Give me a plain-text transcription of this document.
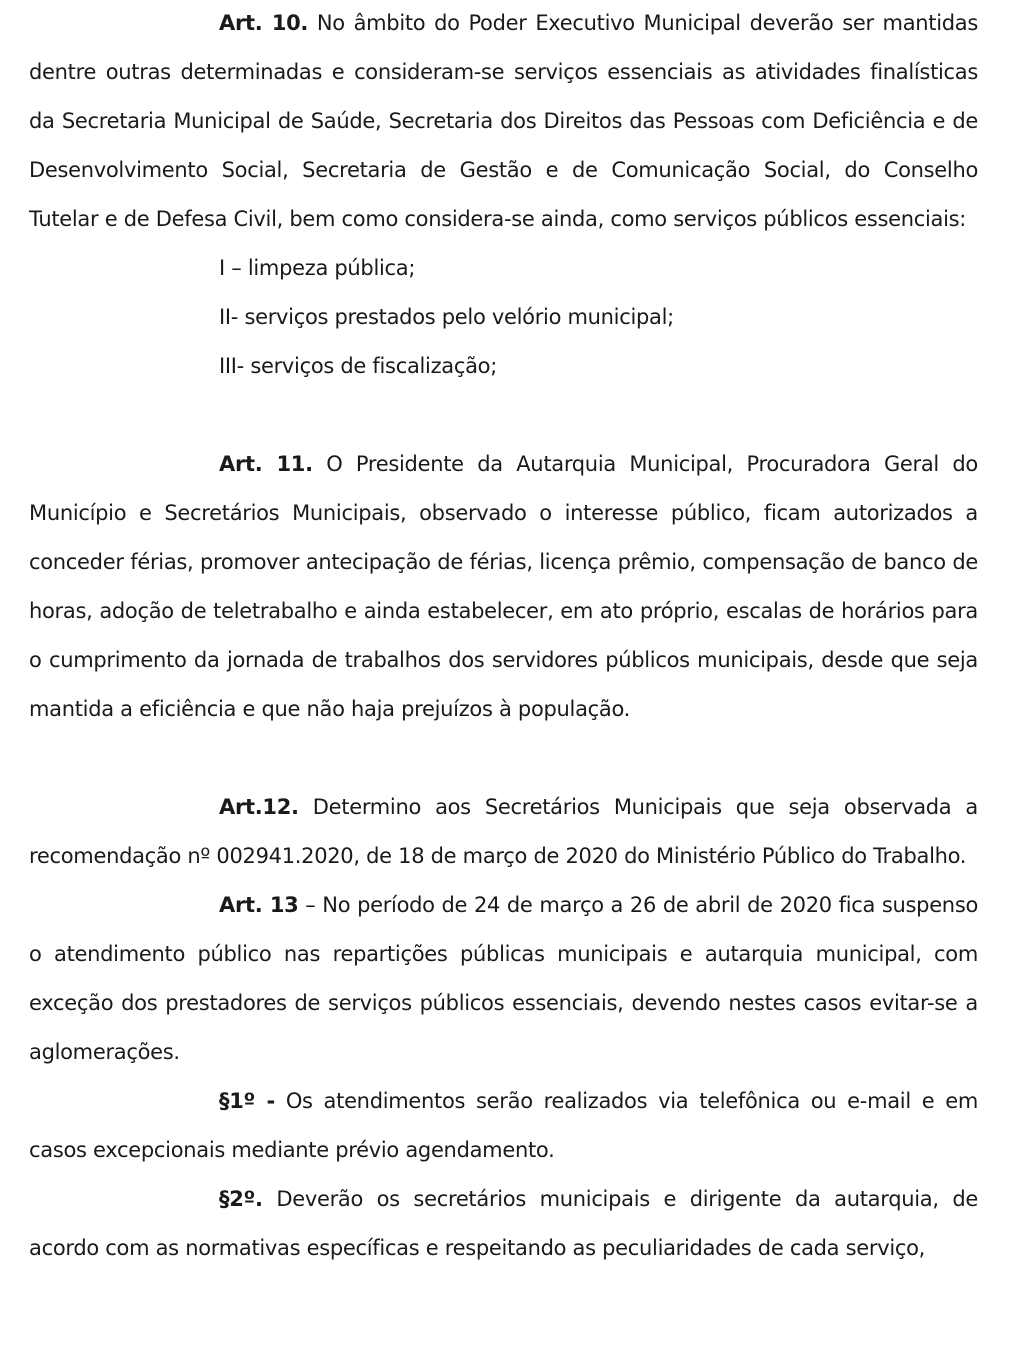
Art. 10. No âmbito do Poder Executivo Municipal deverão ser mantidas dentre outras determinadas e consideram-se serviços essenciais as atividades finalísticas da Secretaria Municipal de Saúde, Secretaria dos Direitos das Pessoas com Deficiência e de Desenvolvimento Social, Secretaria de Gestão e de Comunicação Social, do Conselho Tutelar e de Defesa Civil, bem como considera-se ainda, como serviços públicos essenciais:

I – limpeza pública;

II- serviços prestados pelo velório municipal;

III- serviços de fiscalização;

Art. 11. O Presidente da Autarquia Municipal, Procuradora Geral do Município e Secretários Municipais, observado o interesse público, ficam autorizados a conceder férias, promover antecipação de férias, licença prêmio, compensação de banco de horas, adoção de teletrabalho e ainda estabelecer, em ato próprio, escalas de horários para o cumprimento da jornada de trabalhos dos servidores públicos municipais, desde que seja mantida a eficiência e que não haja prejuízos à população.

Art.12. Determino aos Secretários Municipais que seja observada a recomendação nº 002941.2020, de 18 de março de 2020 do Ministério Público do Trabalho.

Art. 13 – No período de 24 de março a 26 de abril de 2020 fica suspenso o atendimento público nas repartições públicas municipais e autarquia municipal, com exceção dos prestadores de serviços públicos essenciais, devendo nestes casos evitar-se a aglomerações.

§1º - Os atendimentos serão realizados via telefônica ou e-mail e em casos excepcionais mediante prévio agendamento.

§2º. Deverão os secretários municipais e dirigente da autarquia, de acordo com as normativas específicas e respeitando as peculiaridades de cada serviço,
